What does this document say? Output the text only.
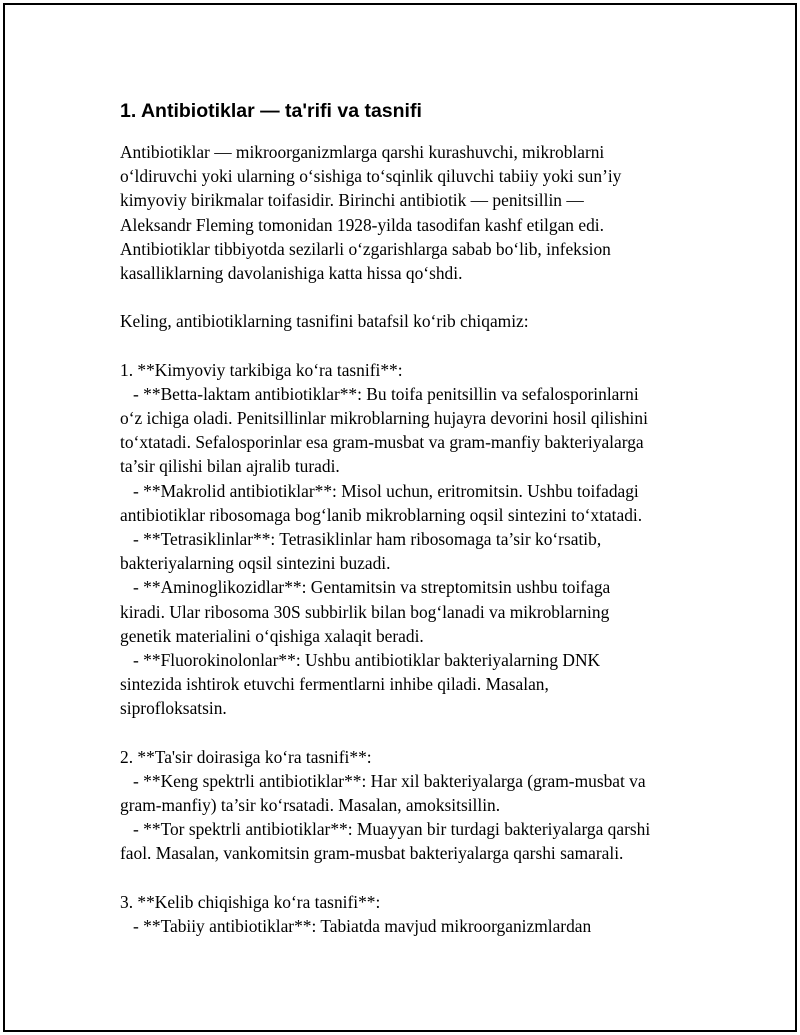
1. Antibiotiklar — ta'rifi va tasnifi
Antibiotiklar — mikroorganizmlarga qarshi kurashuvchi, mikroblarni
o‘ldiruvchi yoki ularning o‘sishiga to‘sqinlik qiluvchi tabiiy yoki sun’iy
kimyoviy birikmalar toifasidir. Birinchi antibiotik — penitsillin —
Aleksandr Fleming tomonidan 1928-yilda tasodifan kashf etilgan edi.
Antibiotiklar tibbiyotda sezilarli o‘zgarishlarga sabab bo‘lib, infeksion
kasalliklarning davolanishiga katta hissa qo‘shdi.
Keling, antibiotiklarning tasnifini batafsil ko‘rib chiqamiz:
1. **Kimyoviy tarkibiga ko‘ra tasnifi**:
- **Betta-laktam antibiotiklar**: Bu toifa penitsillin va sefalosporinlarni
o‘z ichiga oladi. Penitsillinlar mikroblarning hujayra devorini hosil qilishini
to‘xtatadi. Sefalosporinlar esa gram-musbat va gram-manfiy bakteriyalarga
ta’sir qilishi bilan ajralib turadi.
- **Makrolid antibiotiklar**: Misol uchun, eritromitsin. Ushbu toifadagi
antibiotiklar ribosomaga bog‘lanib mikroblarning oqsil sintezini to‘xtatadi.
- **Tetrasiklinlar**: Tetrasiklinlar ham ribosomaga ta’sir ko‘rsatib,
bakteriyalarning oqsil sintezini buzadi.
- **Aminoglikozidlar**: Gentamitsin va streptomitsin ushbu toifaga
kiradi. Ular ribosoma 30S subbirlik bilan bog‘lanadi va mikroblarning
genetik materialini o‘qishiga xalaqit beradi.
- **Fluorokinolonlar**: Ushbu antibiotiklar bakteriyalarning DNK
sintezida ishtirok etuvchi fermentlarni inhibe qiladi. Masalan,
siprofloksatsin.
2. **Ta'sir doirasiga ko‘ra tasnifi**:
- **Keng spektrli antibiotiklar**: Har xil bakteriyalarga (gram-musbat va
gram-manfiy) ta’sir ko‘rsatadi. Masalan, amoksitsillin.
- **Tor spektrli antibiotiklar**: Muayyan bir turdagi bakteriyalarga qarshi
faol. Masalan, vankomitsin gram-musbat bakteriyalarga qarshi samarali.
3. **Kelib chiqishiga ko‘ra tasnifi**:
- **Tabiiy antibiotiklar**: Tabiatda mavjud mikroorganizmlardan
